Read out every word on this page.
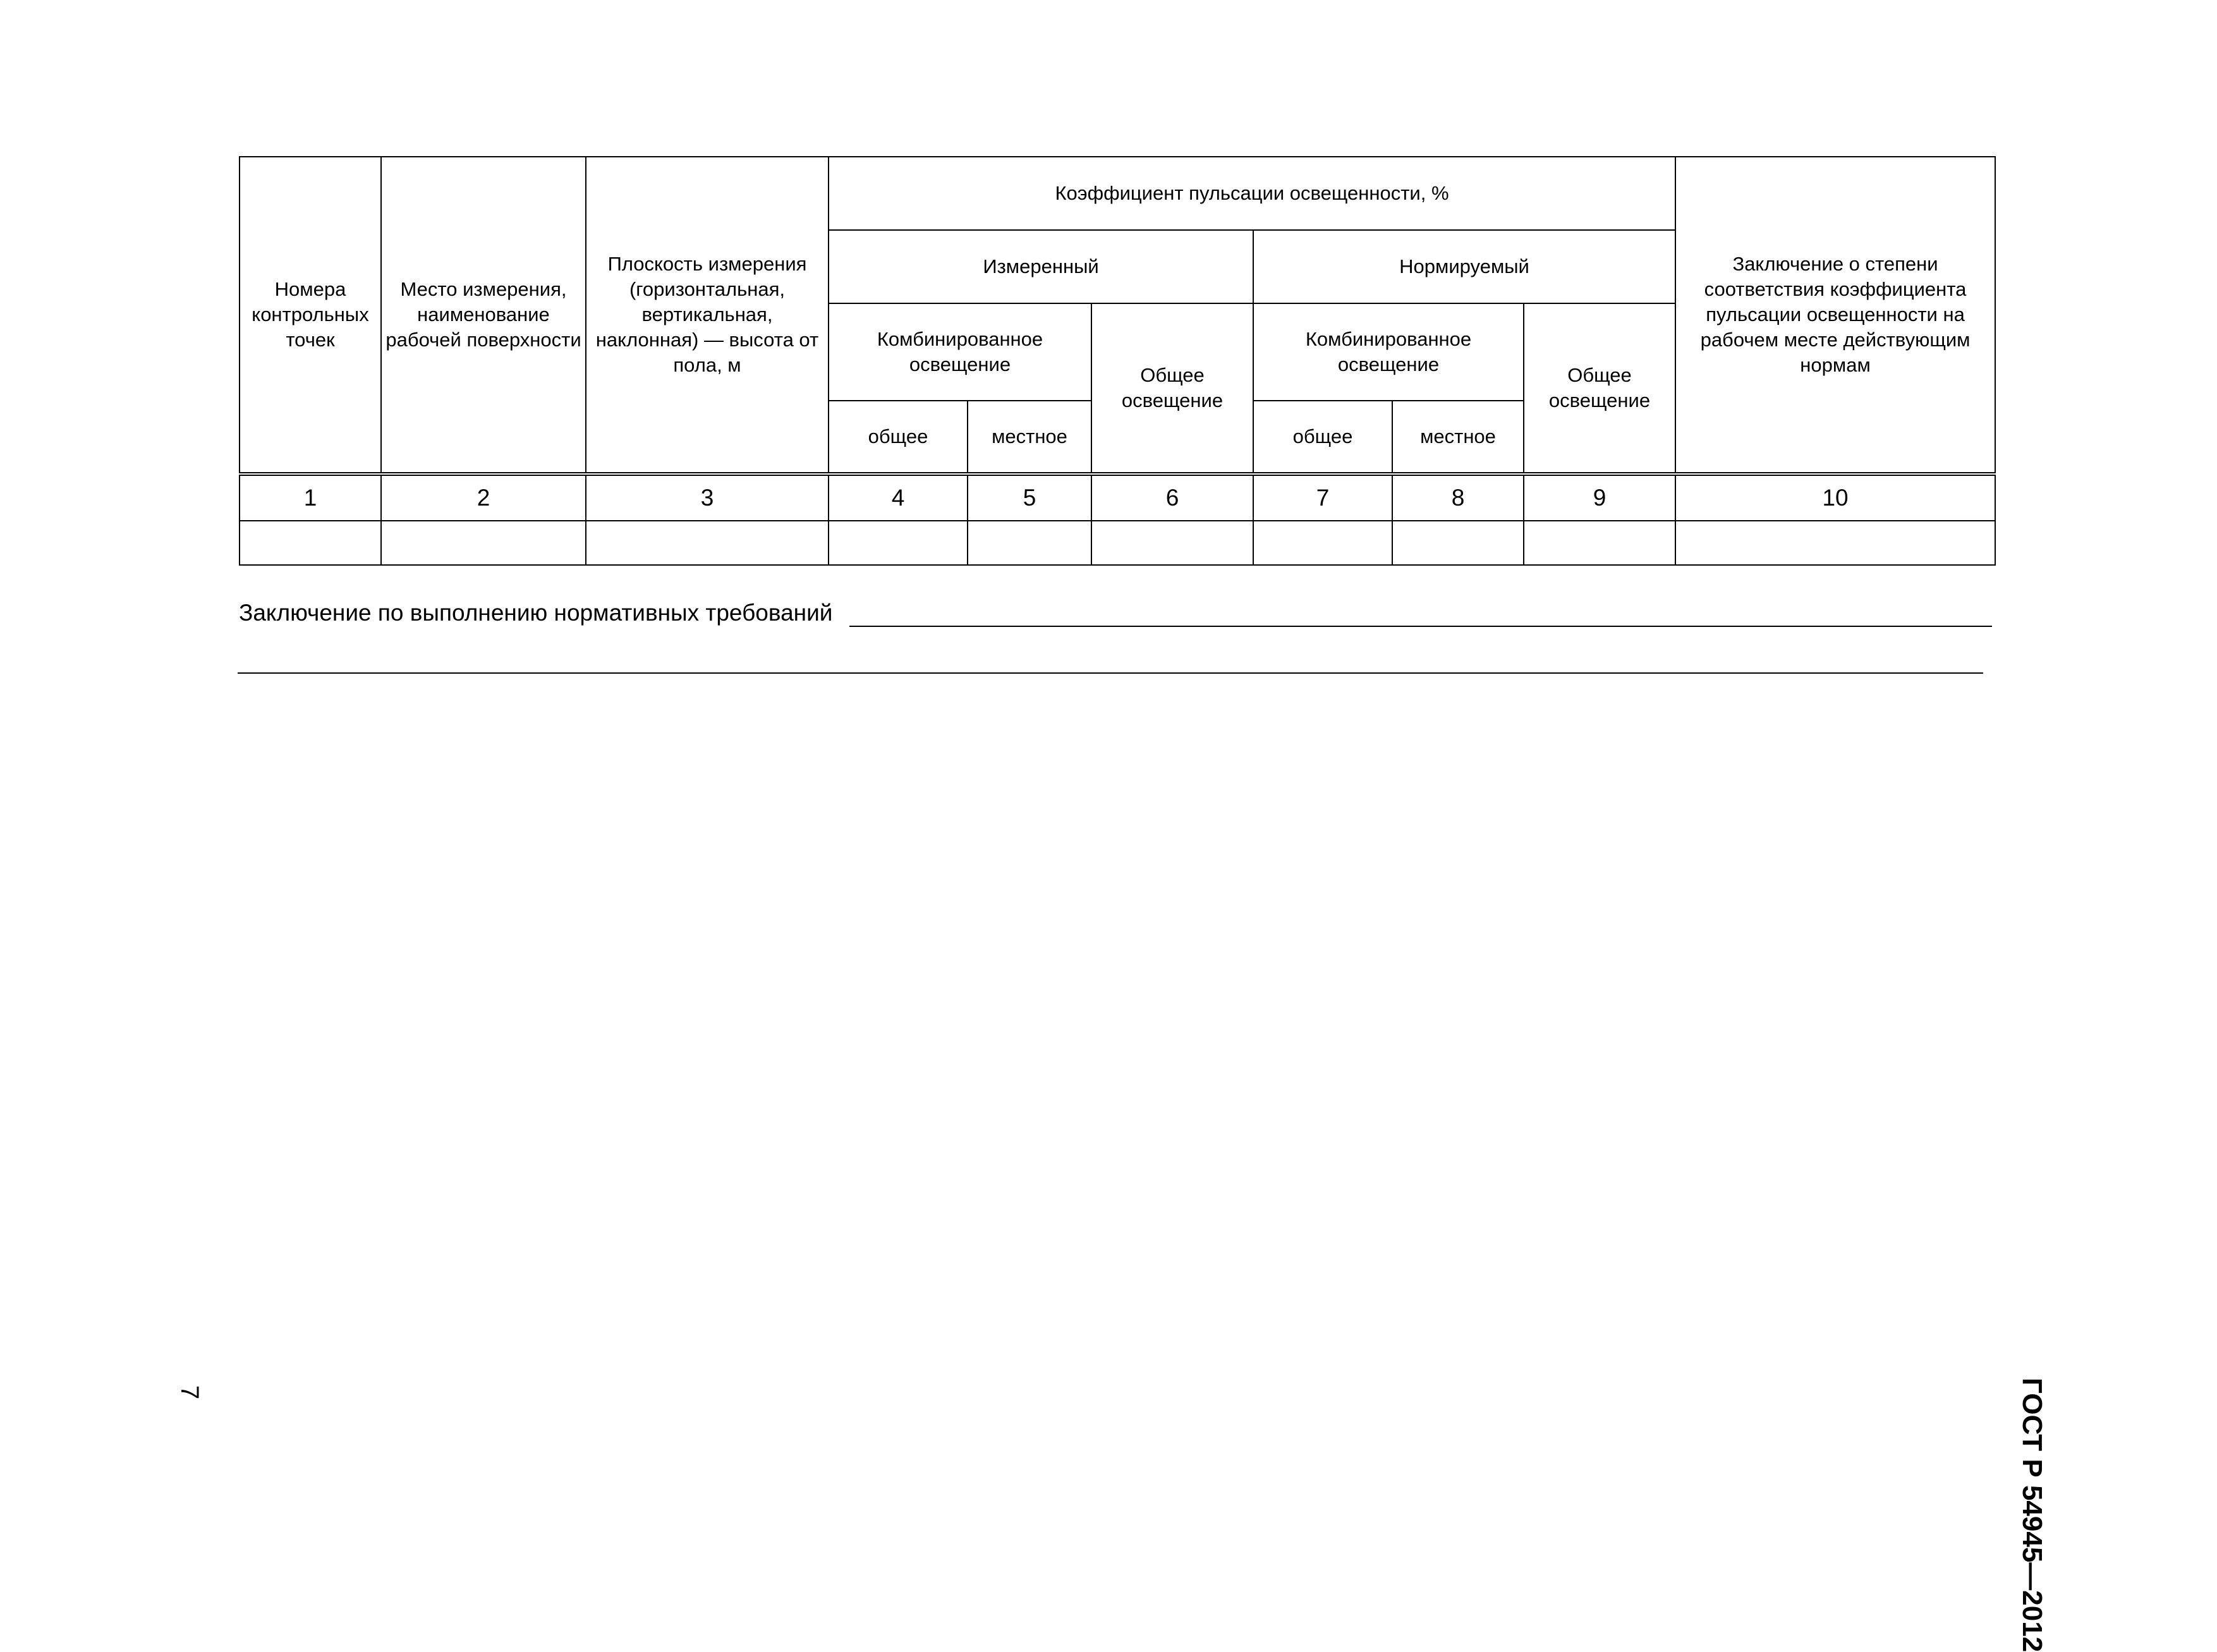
Номера контрольных точек	Место измерения, наименование рабочей поверхности	Плоскость измерения (горизонтальная, вертикальная, наклонная) — высота от пола, м	Коэффициент пульсации освещенности, %						Заключение о степени соответствия коэффициента пульсации освещенности на рабочем месте действующим нормам
			Измеренный			Нормируемый			
			Комбинированное освещение		Общее освещение	Комбинированное освещение		Общее освещение	
			общее	местное		общее	местное		
1	2	3	4	5	6	7	8	9	10

Заключение по выполнению нормативных требований
ГОСТ Р 54945—2012
7
